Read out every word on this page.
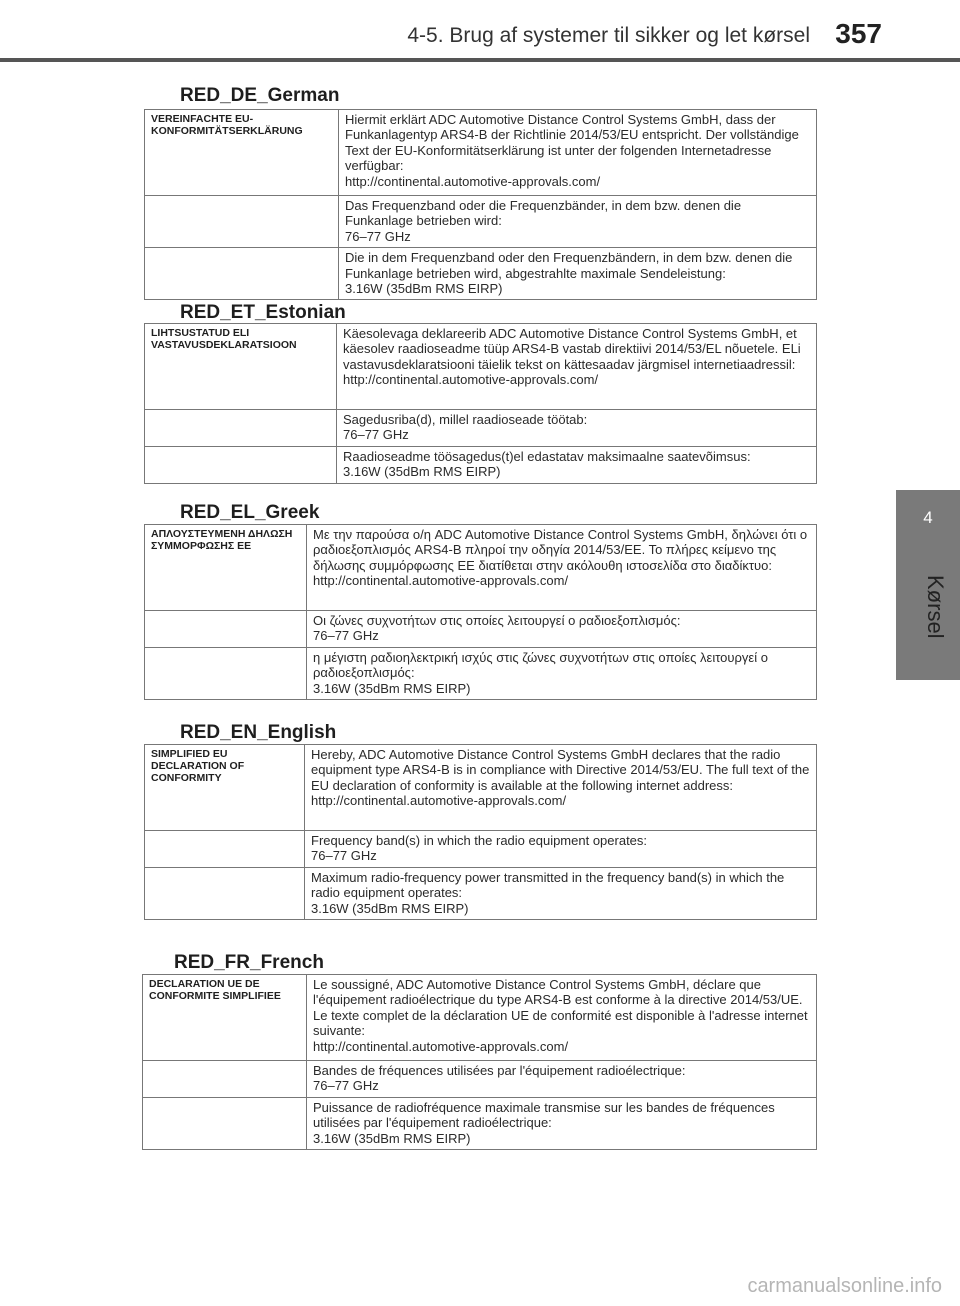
4-5. Brug af systemer til sikker og let kørsel 357
4
Kørsel
RED_DE_German
VEREINFACHTE EU-KONFORMITÄTSERKLÄRUNG	Hiermit erklärt ADC Automotive Distance Control Systems GmbH, dass der Funkanlagentyp ARS4-B der Richtlinie 2014/53/EU entspricht. Der vollständige Text der EU-Konformitätserklärung ist unter der folgenden Internetadresse verfügbar:
http://continental.automotive-approvals.com/
	Das Frequenzband oder die Frequenzbänder, in dem bzw. denen die Funkanlage betrieben wird:
76–77 GHz
	Die in dem Frequenzband oder den Frequenzbändern, in dem bzw. denen die Funkanlage betrieben wird, abgestrahlte maximale Sendeleistung:
3.16W (35dBm RMS EIRP)
RED_ET_Estonian
LIHTSUSTATUD ELI VASTAVUSDEKLARATSIOON	Käesolevaga deklareerib ADC Automotive Distance Control Systems GmbH, et käesolev raadioseadme tüüp ARS4-B vastab direktiivi 2014/53/EL nõuetele. ELi vastavusdeklaratsiooni täielik tekst on kättesaadav järgmisel internetiaadressil:
http://continental.automotive-approvals.com/
	Sagedusriba(d), millel raadioseade töötab:
76–77 GHz
	Raadioseadme töösagedus(t)el edastatav maksimaalne saatevõimsus:
3.16W (35dBm RMS EIRP)
RED_EL_Greek
ΑΠΛΟΥΣΤΕΥΜΕΝΗ ΔΗΛΩΣΗ ΣΥΜΜΟΡΦΩΣΗΣ ΕΕ	Με την παρούσα ο/η ADC Automotive Distance Control Systems GmbH, δηλώνει ότι ο ραδιοεξοπλισμός ARS4-B πληροί την οδηγία 2014/53/ΕΕ. Το πλήρες κείμενο της δήλωσης συμμόρφωσης ΕΕ διατίθεται στην ακόλουθη ιστοσελίδα στο διαδίκτυο:
http://continental.automotive-approvals.com/
	Οι ζώνες συχνοτήτων στις οποίες λειτουργεί ο ραδιοεξοπλισμός:
76–77 GHz
	η μέγιστη ραδιοηλεκτρική ισχύς στις ζώνες συχνοτήτων στις οποίες λειτουργεί ο ραδιοεξοπλισμός:
3.16W (35dBm RMS EIRP)
RED_EN_English
SIMPLIFIED EU DECLARATION OF CONFORMITY	Hereby, ADC Automotive Distance Control Systems GmbH declares that the radio equipment type ARS4-B is in compliance with Directive 2014/53/EU. The full text of the EU declaration of conformity is available at the following internet address:
http://continental.automotive-approvals.com/
	Frequency band(s) in which the radio equipment operates:
76–77 GHz
	Maximum radio-frequency power transmitted in the frequency band(s) in which the radio equipment operates:
3.16W (35dBm RMS EIRP)
RED_FR_French
DECLARATION UE DE CONFORMITE SIMPLIFIEE	Le soussigné, ADC Automotive Distance Control Systems GmbH, déclare que l'équipement radioélectrique du type ARS4-B est conforme à la directive 2014/53/UE. Le texte complet de la déclaration UE de conformité est disponible à l'adresse internet suivante:
http://continental.automotive-approvals.com/
	Bandes de fréquences utilisées par l'équipement radioélectrique:
76–77 GHz
	Puissance de radiofréquence maximale transmise sur les bandes de fréquences utilisées par l'équipement radioélectrique:
3.16W (35dBm RMS EIRP)
carmanualsonline.info
